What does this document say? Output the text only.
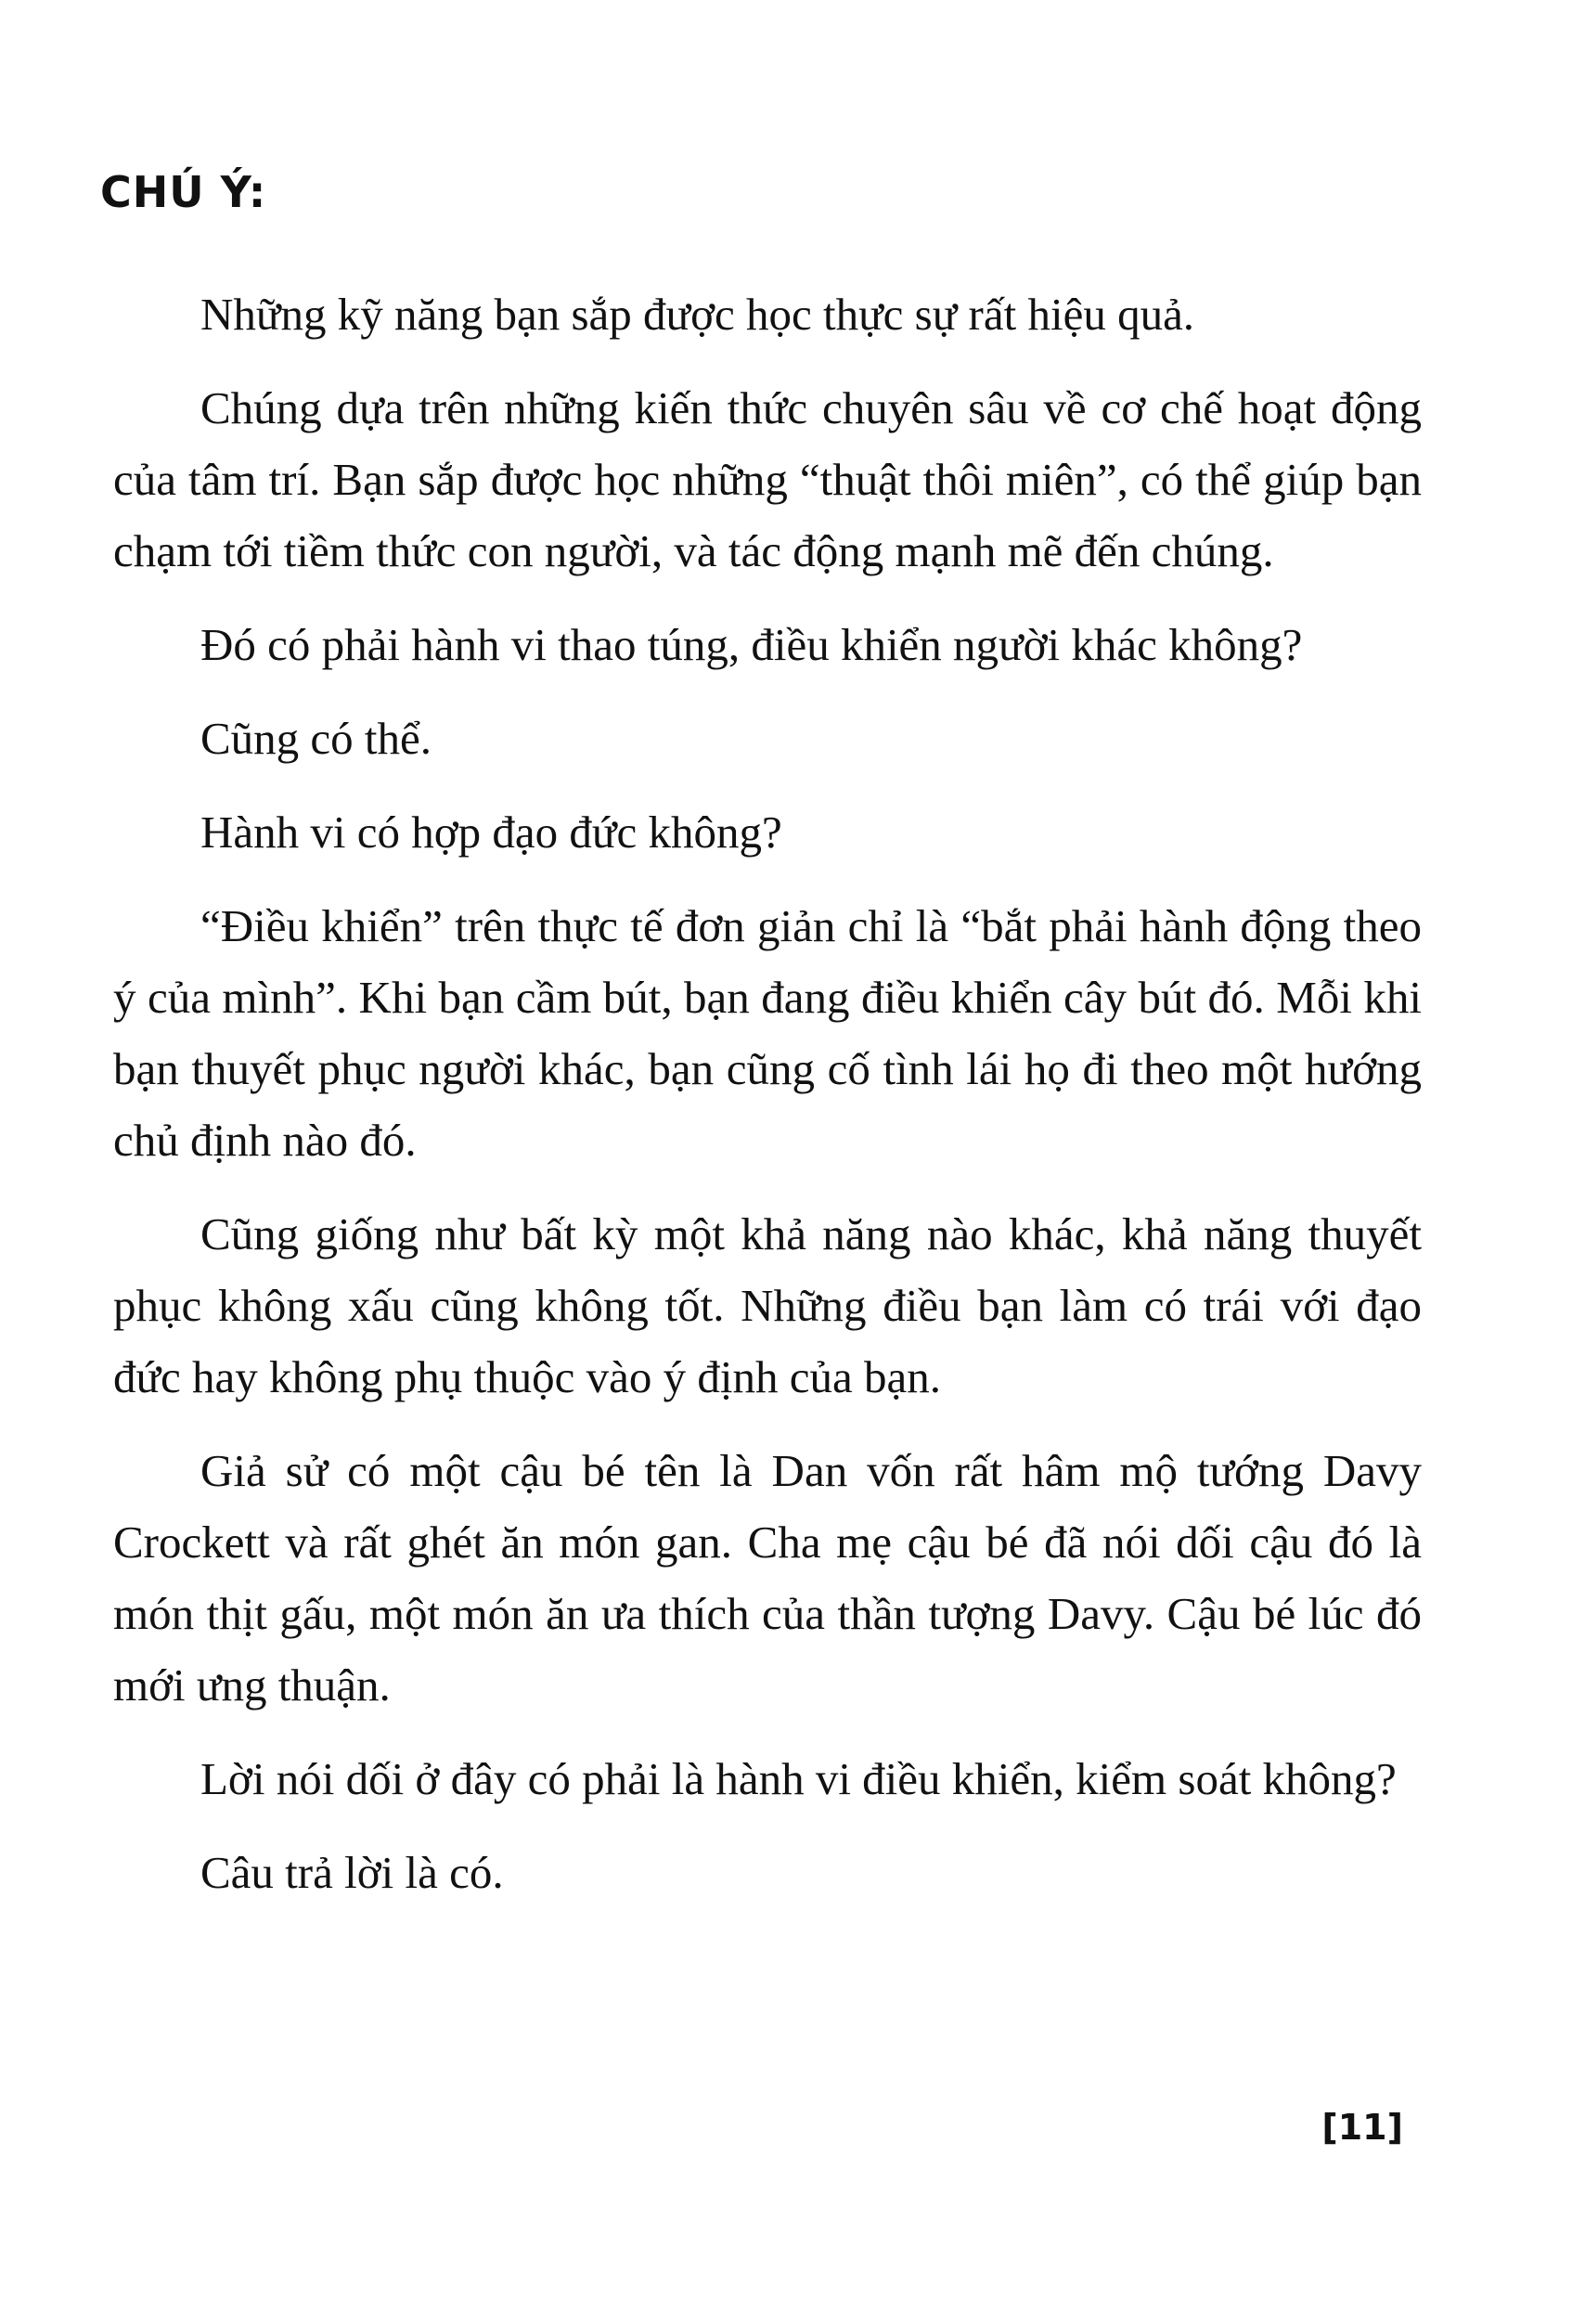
CHÚ Ý:

Những kỹ năng bạn sắp được học thực sự rất hiệu quả.

Chúng dựa trên những kiến thức chuyên sâu về cơ chế hoạt động của tâm trí. Bạn sắp được học những “thuật thôi miên”, có thể giúp bạn chạm tới tiềm thức con người, và tác động mạnh mẽ đến chúng.

Đó có phải hành vi thao túng, điều khiển người khác không?

Cũng có thể.

Hành vi có hợp đạo đức không?

“Điều khiển” trên thực tế đơn giản chỉ là “bắt phải hành động theo ý của mình”. Khi bạn cầm bút, bạn đang điều khiển cây bút đó. Mỗi khi bạn thuyết phục người khác, bạn cũng cố tình lái họ đi theo một hướng chủ định nào đó.

Cũng giống như bất kỳ một khả năng nào khác, khả năng thuyết phục không xấu cũng không tốt. Những điều bạn làm có trái với đạo đức hay không phụ thuộc vào ý định của bạn.

Giả sử có một cậu bé tên là Dan vốn rất hâm mộ tướng Davy Crockett và rất ghét ăn món gan. Cha mẹ cậu bé đã nói dối cậu đó là món thịt gấu, một món ăn ưa thích của thần tượng Davy. Cậu bé lúc đó mới ưng thuận.

Lời nói dối ở đây có phải là hành vi điều khiển, kiểm soát không?

Câu trả lời là có.

[11]
